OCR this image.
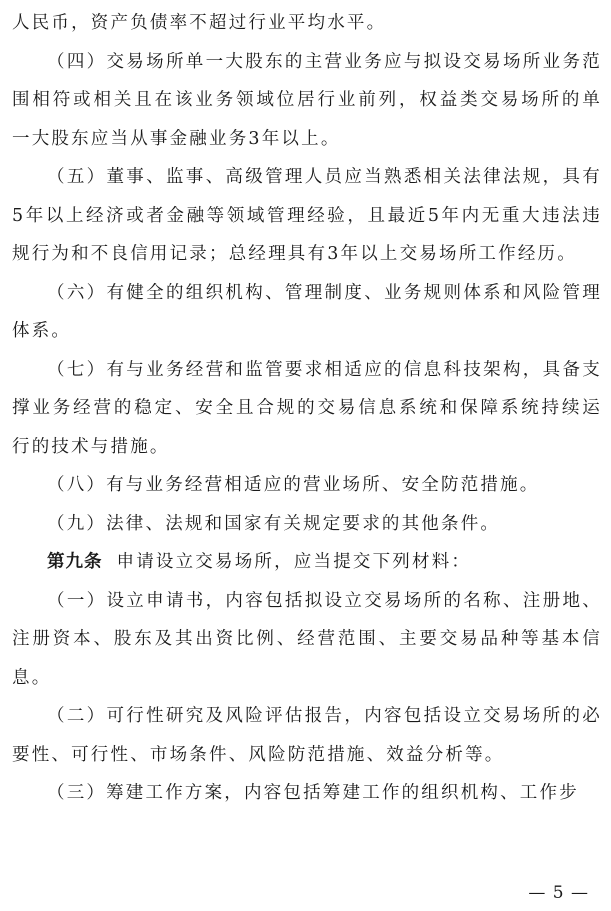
人民币，资产负债率不超过行业平均水平。

（四）交易场所单一大股东的主营业务应与拟设交易场所业务范围相符或相关且在该业务领域位居行业前列，权益类交易场所的单一大股东应当从事金融业务3年以上。

（五）董事、监事、高级管理人员应当熟悉相关法律法规，具有5年以上经济或者金融等领域管理经验，且最近5年内无重大违法违规行为和不良信用记录；总经理具有3年以上交易场所工作经历。

（六）有健全的组织机构、管理制度、业务规则体系和风险管理体系。

（七）有与业务经营和监管要求相适应的信息科技架构，具备支撑业务经营的稳定、安全且合规的交易信息系统和保障系统持续运行的技术与措施。

（八）有与业务经营相适应的营业场所、安全防范措施。

（九）法律、法规和国家有关规定要求的其他条件。

第九条 申请设立交易场所，应当提交下列材料：

（一）设立申请书，内容包括拟设立交易场所的名称、注册地、注册资本、股东及其出资比例、经营范围、主要交易品种等基本信息。

（二）可行性研究及风险评估报告，内容包括设立交易场所的必要性、可行性、市场条件、风险防范措施、效益分析等。

（三）筹建工作方案，内容包括筹建工作的组织机构、工作步

— 5 —
